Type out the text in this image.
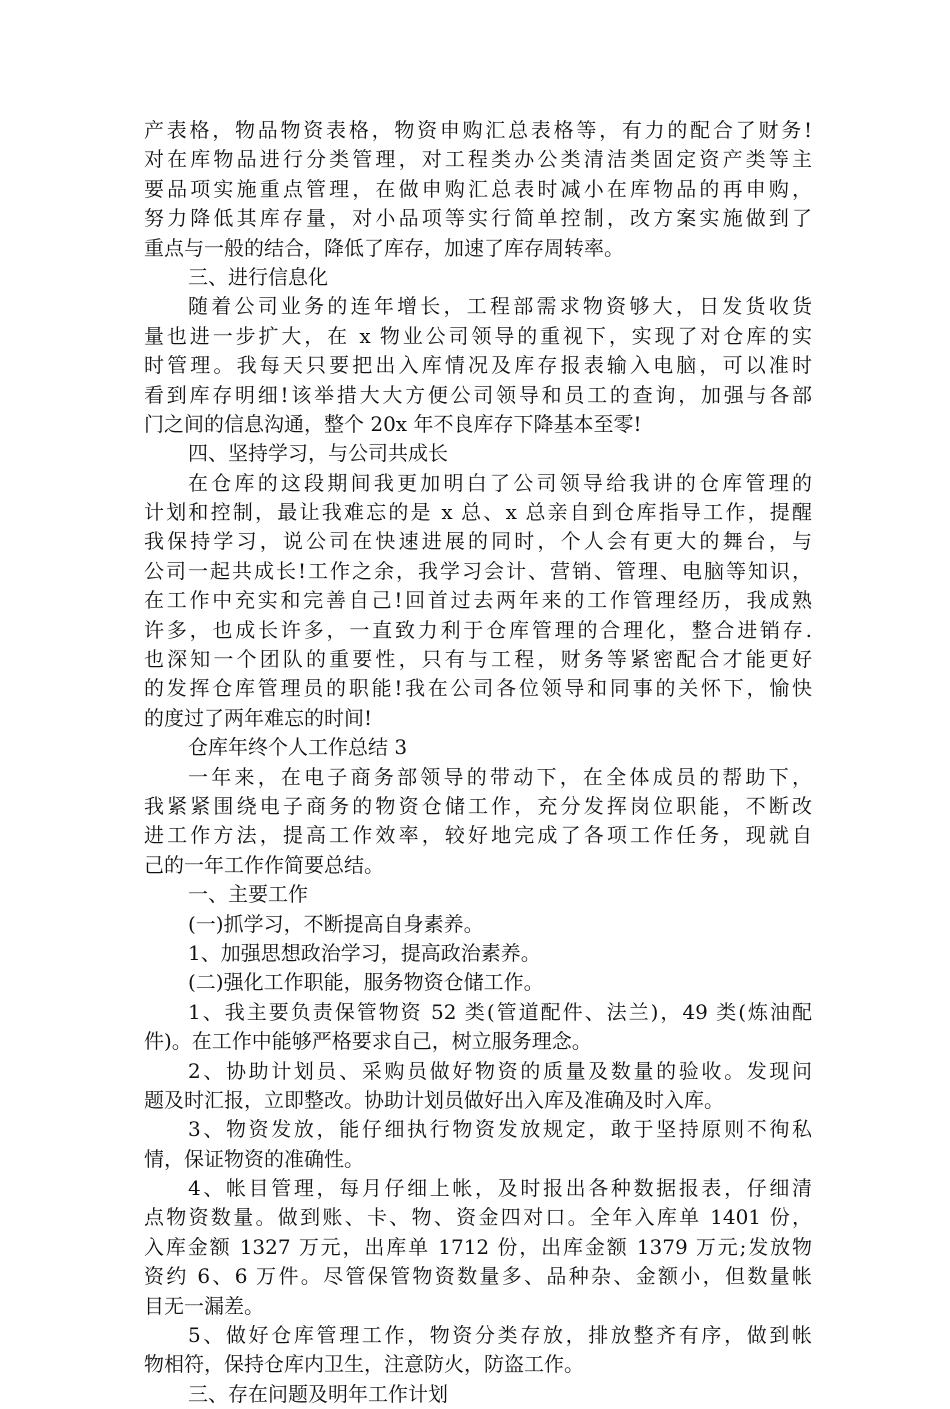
产表格，物品物资表格，物资申购汇总表格等，有力的配合了财务!
对在库物品进行分类管理，对工程类办公类清洁类固定资产类等主
要品项实施重点管理，在做申购汇总表时减小在库物品的再申购，
努力降低其库存量，对小品项等实行简单控制，改方案实施做到了
重点与一般的结合，降低了库存，加速了库存周转率。
三、进行信息化
随着公司业务的连年增长，工程部需求物资够大，日发货收货
量也进一步扩大，在 x 物业公司领导的重视下，实现了对仓库的实
时管理。我每天只要把出入库情况及库存报表输入电脑，可以准时
看到库存明细!该举措大大方便公司领导和员工的查询，加强与各部
门之间的信息沟通，整个 20x 年不良库存下降基本至零!
四、坚持学习，与公司共成长
在仓库的这段期间我更加明白了公司领导给我讲的仓库管理的
计划和控制，最让我难忘的是 x 总、x 总亲自到仓库指导工作，提醒
我保持学习，说公司在快速进展的同时，个人会有更大的舞台，与
公司一起共成长!工作之余，我学习会计、营销、管理、电脑等知识，
在工作中充实和完善自己!回首过去两年来的工作管理经历，我成熟
许多，也成长许多，一直致力利于仓库管理的合理化，整合进销存.
也深知一个团队的重要性，只有与工程，财务等紧密配合才能更好
的发挥仓库管理员的职能!我在公司各位领导和同事的关怀下，愉快
的度过了两年难忘的时间!
仓库年终个人工作总结 3
一年来，在电子商务部领导的带动下，在全体成员的帮助下，
我紧紧围绕电子商务的物资仓储工作，充分发挥岗位职能，不断改
进工作方法，提高工作效率，较好地完成了各项工作任务，现就自
己的一年工作作简要总结。
一、主要工作
(一)抓学习，不断提高自身素养。
1、加强思想政治学习，提高政治素养。
(二)强化工作职能，服务物资仓储工作。
1、我主要负责保管物资 52 类(管道配件、法兰)，49 类(炼油配
件)。在工作中能够严格要求自己，树立服务理念。
2、协助计划员、采购员做好物资的质量及数量的验收。发现问
题及时汇报，立即整改。协助计划员做好出入库及准确及时入库。
3、物资发放，能仔细执行物资发放规定，敢于坚持原则不徇私
情，保证物资的准确性。
4、帐目管理，每月仔细上帐，及时报出各种数据报表，仔细清
点物资数量。做到账、卡、物、资金四对口。全年入库单 1401 份，
入库金额 1327 万元，出库单 1712 份，出库金额 1379 万元;发放物
资约 6、6 万件。尽管保管物资数量多、品种杂、金额小，但数量帐
目无一漏差。
5、做好仓库管理工作，物资分类存放，排放整齐有序，做到帐
物相符，保持仓库内卫生，注意防火，防盗工作。
三、存在问题及明年工作计划
